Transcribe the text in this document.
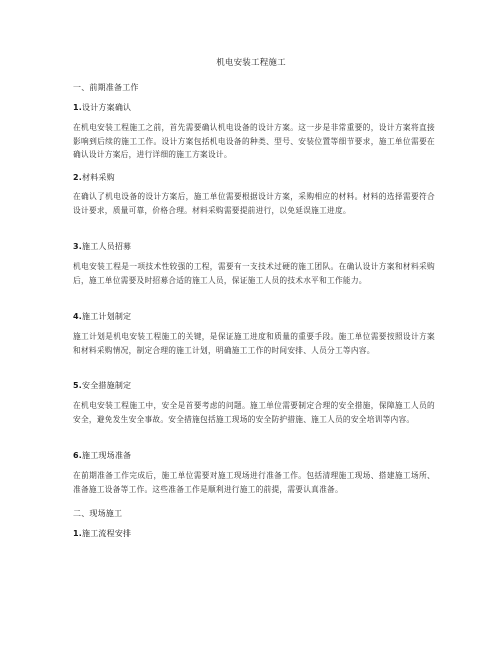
机电安装工程施工
一、前期准备工作
1.设计方案确认
在机电安装工程施工之前，首先需要确认机电设备的设计方案。这一步是非常重要的，设计方案将直接影响到后续的施工工作。设计方案包括机电设备的种类、型号、安装位置等细节要求，施工单位需要在确认设计方案后，进行详细的施工方案设计。
2.材料采购
在确认了机电设备的设计方案后，施工单位需要根据设计方案，采购相应的材料。材料的选择需要符合设计要求，质量可靠，价格合理。材料采购需要提前进行，以免延误施工进度。
3.施工人员招募
机电安装工程是一项技术性较强的工程，需要有一支技术过硬的施工团队。在确认设计方案和材料采购后，施工单位需要及时招募合适的施工人员，保证施工人员的技术水平和工作能力。
4.施工计划制定
施工计划是机电安装工程施工的关键，是保证施工进度和质量的重要手段。施工单位需要按照设计方案和材料采购情况，制定合理的施工计划，明确施工工作的时间安排、人员分工等内容。
5.安全措施制定
在机电安装工程施工中，安全是首要考虑的问题。施工单位需要制定合理的安全措施，保障施工人员的安全，避免发生安全事故。安全措施包括施工现场的安全防护措施、施工人员的安全培训等内容。
6.施工现场准备
在前期准备工作完成后，施工单位需要对施工现场进行准备工作。包括清理施工现场、搭建施工场所、准备施工设备等工作。这些准备工作是顺利进行施工的前提，需要认真准备。
二、现场施工
1.施工流程安排
